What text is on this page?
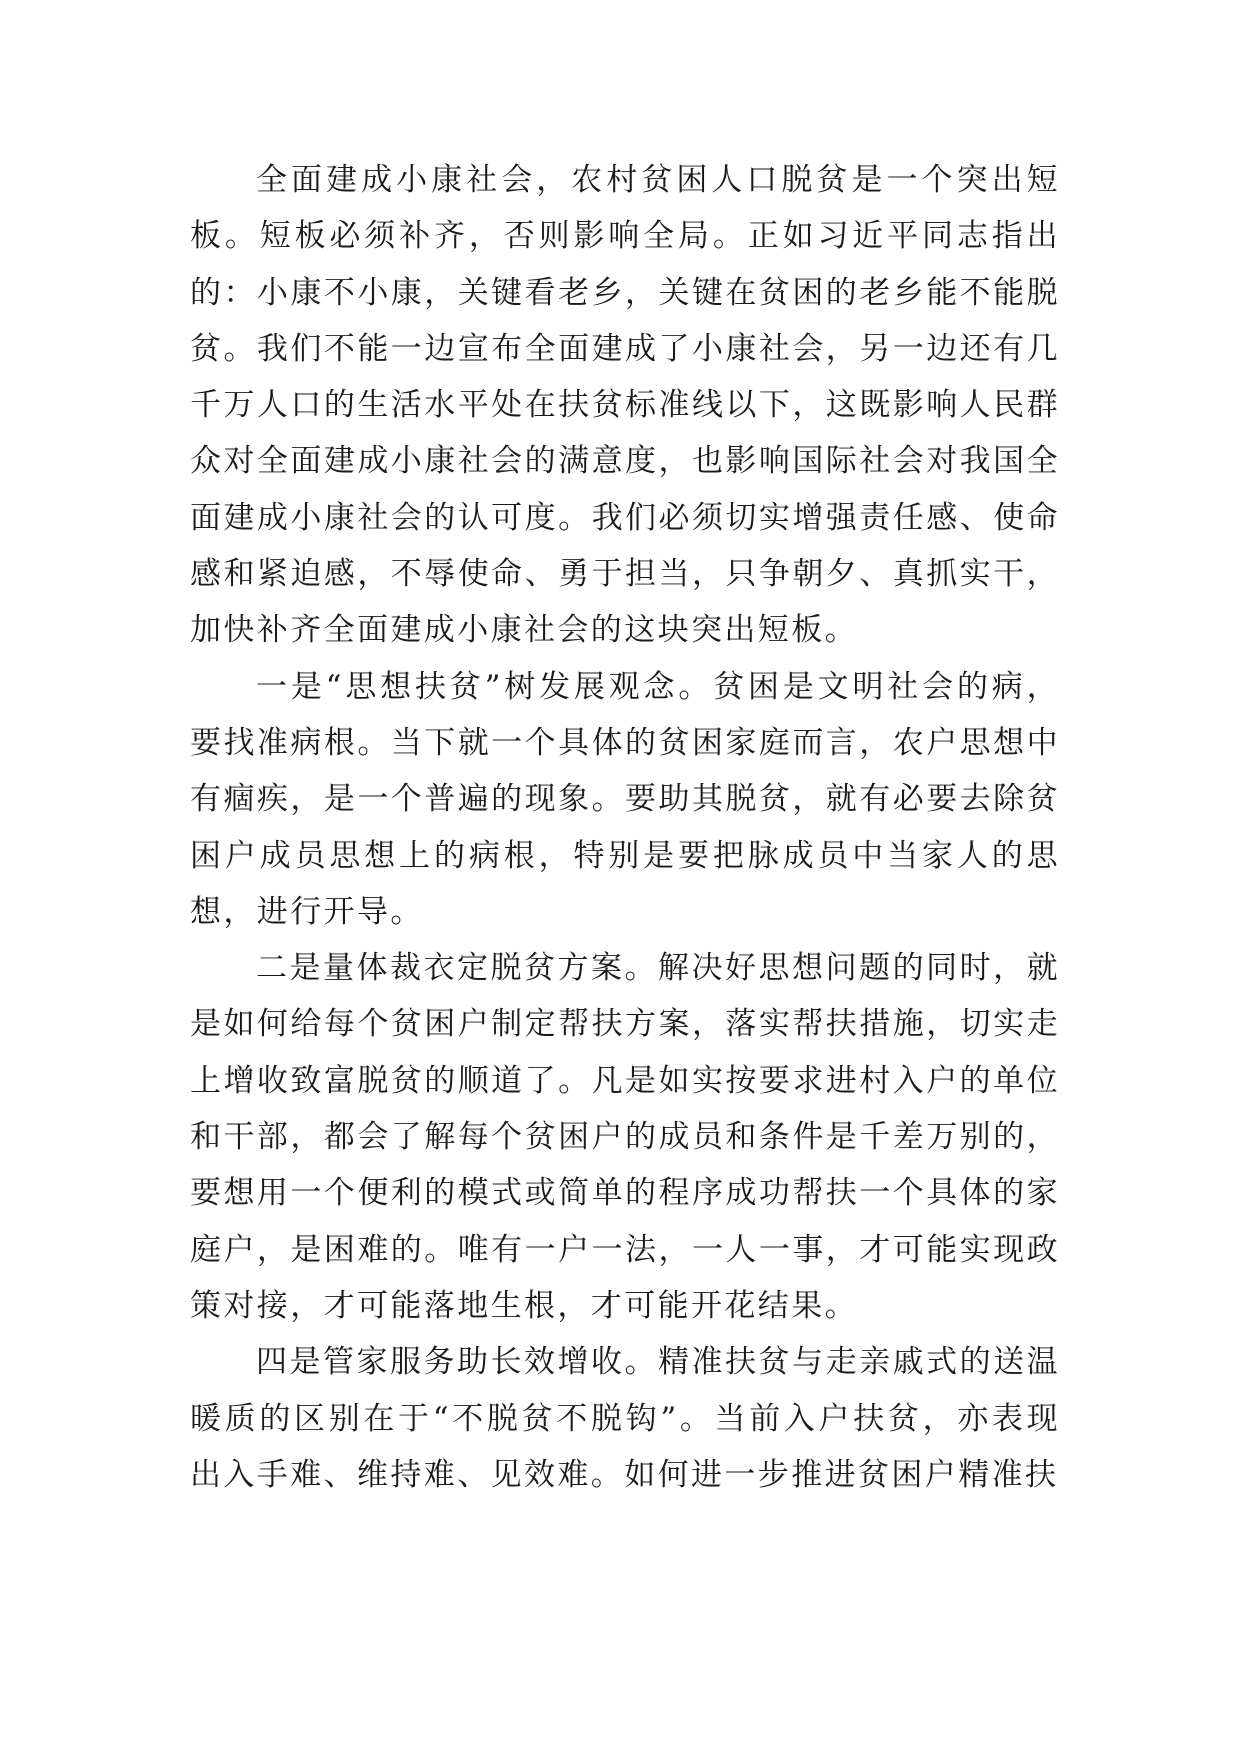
全面建成小康社会，农村贫困人口脱贫是一个突出短板。短板必须补齐，否则影响全局。正如习近平同志指出的：小康不小康，关键看老乡，关键在贫困的老乡能不能脱贫。我们不能一边宣布全面建成了小康社会，另一边还有几千万人口的生活水平处在扶贫标准线以下，这既影响人民群众对全面建成小康社会的满意度，也影响国际社会对我国全面建成小康社会的认可度。我们必须切实增强责任感、使命感和紧迫感，不辱使命、勇于担当，只争朝夕、真抓实干，加快补齐全面建成小康社会的这块突出短板。

一是“思想扶贫”树发展观念。贫困是文明社会的病，要找准病根。当下就一个具体的贫困家庭而言，农户思想中有痼疾，是一个普遍的现象。要助其脱贫，就有必要去除贫困户成员思想上的病根，特别是要把脉成员中当家人的思想，进行开导。

二是量体裁衣定脱贫方案。解决好思想问题的同时，就是如何给每个贫困户制定帮扶方案，落实帮扶措施，切实走上增收致富脱贫的顺道了。凡是如实按要求进村入户的单位和干部，都会了解每个贫困户的成员和条件是千差万别的，要想用一个便利的模式或简单的程序成功帮扶一个具体的家庭户，是困难的。唯有一户一法，一人一事，才可能实现政策对接，才可能落地生根，才可能开花结果。

四是管家服务助长效增收。精准扶贫与走亲戚式的送温暖质的区别在于“不脱贫不脱钩”。当前入户扶贫，亦表现出入手难、维持难、见效难。如何进一步推进贫困户精准扶
